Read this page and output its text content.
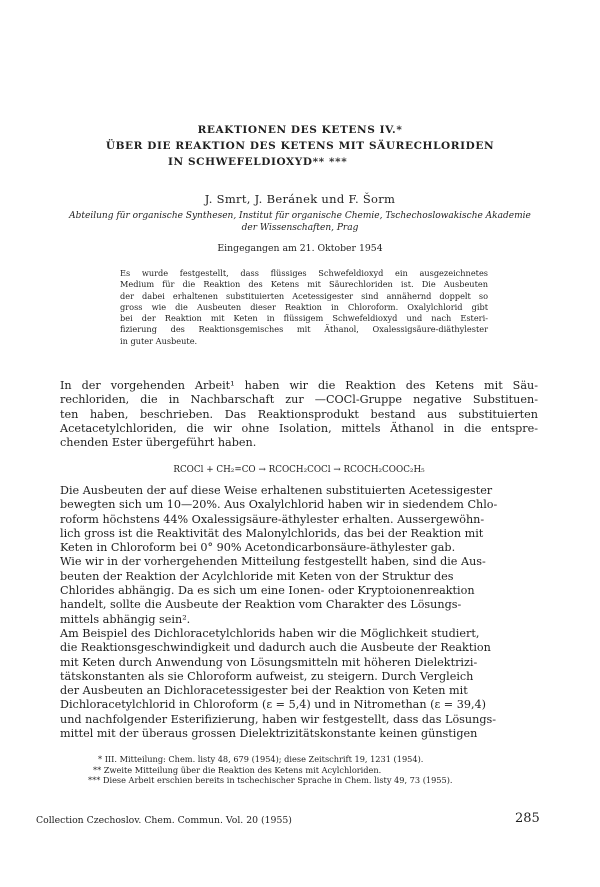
REAKTIONEN DES KETENS IV.*
ÜBER DIE REAKTION DES KETENS MIT SÄURECHLORIDEN
IN SCHWEFELDIOXYD** ***
J. Smrt, J. Beránek und F. Šorm
Abteilung für organische Synthesen, Institut für organische Chemie, Tschechoslowakische Akademie
der Wissenschaften, Prag
Eingegangen am 21. Oktober 1954
Es wurde festgestellt, dass flüssiges Schwefeldioxyd ein ausgezeichnetes
Medium für die Reaktion des Ketens mit Säurechloriden ist. Die Ausbeuten
der dabei erhaltenen substituierten Acetessigester sind annähernd doppelt so
gross wie die Ausbeuten dieser Reaktion in Chloroform. Oxalylchlorid gibt
bei der Reaktion mit Keten in flüssigem Schwefeldioxyd und nach Esteri-
fizierung des Reaktionsgemisches mit Äthanol, Oxalessigsäure-diäthylester
in guter Ausbeute.
In der vorgehenden Arbeit¹ haben wir die Reaktion des Ketens mit Säu-
rechloriden, die in Nachbarschaft zur —COCl-Gruppe negative Substituen-
ten haben, beschrieben. Das Reaktionsprodukt bestand aus substituierten
Acetacetylchloriden, die wir ohne Isolation, mittels Äthanol in die entspre-
chenden Ester übergeführt haben.
RCOCl + CH₂=CO → RCOCH₂COCl → RCOCH₂COOC₂H₅
Die Ausbeuten der auf diese Weise erhaltenen substituierten Acetessigester
bewegten sich um 10—20%. Aus Oxalylchlorid haben wir in siedendem Chlo-
roform höchstens 44% Oxalessigsäure-äthylester erhalten. Aussergewöhn-
lich gross ist die Reaktivität des Malonylchlorids, das bei der Reaktion mit
Keten in Chloroform bei 0° 90% Acetondicarbonsäure-äthylester gab.
Wie wir in der vorhergehenden Mitteilung festgestellt haben, sind die Aus-
beuten der Reaktion der Acylchloride mit Keten von der Struktur des
Chlorides abhängig. Da es sich um eine Ionen- oder Kryptoionenreaktion
handelt, sollte die Ausbeute der Reaktion vom Charakter des Lösungs-
mittels abhängig sein².
Am Beispiel des Dichloracetylchlorids haben wir die Möglichkeit studiert,
die Reaktionsgeschwindigkeit und dadurch auch die Ausbeute der Reaktion
mit Keten durch Anwendung von Lösungsmitteln mit höheren Dielektrizi-
tätskonstanten als sie Chloroform aufweist, zu steigern. Durch Vergleich
der Ausbeuten an Dichloracetessigester bei der Reaktion von Keten mit
Dichloracetylchlorid in Chloroform (ε = 5,4) und in Nitromethan (ε = 39,4)
und nachfolgender Esterifizierung, haben wir festgestellt, dass das Lösungs-
mittel mit der überaus grossen Dielektrizitätskonstante keinen günstigen
* III. Mitteilung: Chem. listy 48, 679 (1954); diese Zeitschrift 19, 1231 (1954).
** Zweite Mitteilung über die Reaktion des Ketens mit Acylchloriden.
*** Diese Arbeit erschien bereits in tschechischer Sprache in Chem. listy 49, 73 (1955).
Collection Czechoslov. Chem. Commun. Vol. 20 (1955)	285
